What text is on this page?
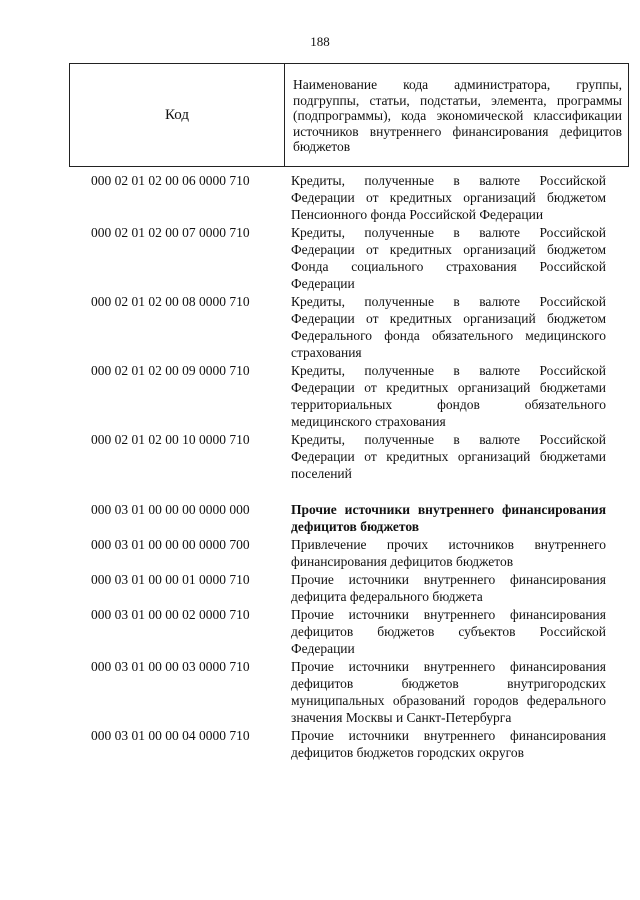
188
Код	Наименование кода администратора, группы, подгруппы, статьи, подстатьи, элемента, программы (подпрограммы), кода экономической классификации источников внутреннего финансирования дефицитов бюджетов
000 02 01 02 00 06 0000 710	Кредиты, полученные в валюте Российской Федерации от кредитных организаций бюджетом Пенсионного фонда Российской Федерации
000 02 01 02 00 07 0000 710	Кредиты, полученные в валюте Российской Федерации от кредитных организаций бюджетом Фонда социального страхования Российской Федерации
000 02 01 02 00 08 0000 710	Кредиты, полученные в валюте Российской Федерации от кредитных организаций бюджетом Федерального фонда обязательного медицинского страхования
000 02 01 02 00 09 0000 710	Кредиты, полученные в валюте Российской Федерации от кредитных организаций бюджетами территориальных фондов обязательного медицинского страхования
000 02 01 02 00 10 0000 710	Кредиты, полученные в валюте Российской Федерации от кредитных организаций бюджетами поселений
000 03 01 00 00 00 0000 000	Прочие источники внутреннего финансирования дефицитов бюджетов
000 03 01 00 00 00 0000 700	Привлечение прочих источников внутреннего финансирования дефицитов бюджетов
000 03 01 00 00 01 0000 710	Прочие источники внутреннего финансирования дефицита федерального бюджета
000 03 01 00 00 02 0000 710	Прочие источники внутреннего финансирования дефицитов бюджетов субъектов Российской Федерации
000 03 01 00 00 03 0000 710	Прочие источники внутреннего финансирования дефицитов бюджетов внутригородских муниципальных образований городов федерального значения Москвы и Санкт-Петербурга
000 03 01 00 00 04 0000 710	Прочие источники внутреннего финансирования дефицитов бюджетов городских округов
